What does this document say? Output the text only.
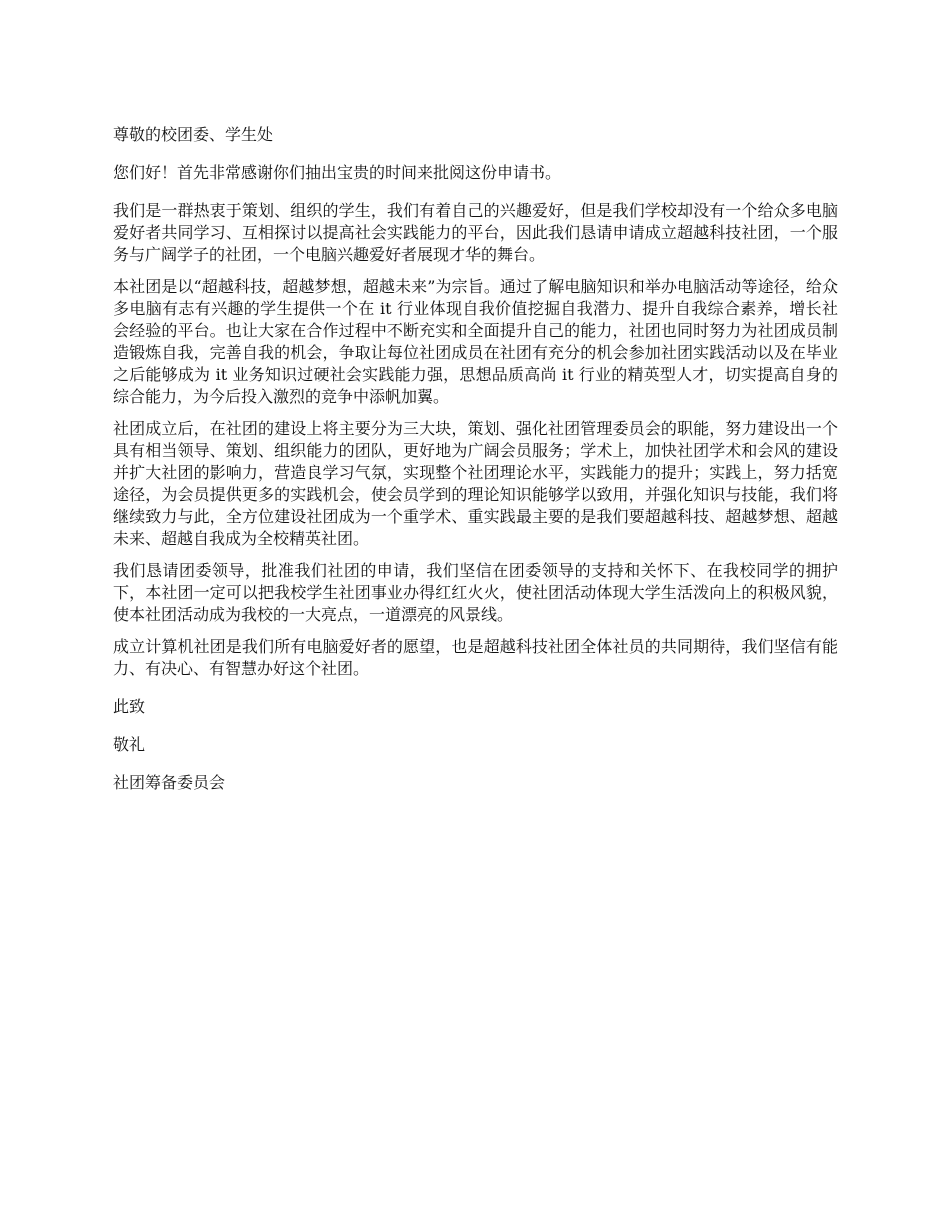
尊敬的校团委、学生处

您们好！首先非常感谢你们抽出宝贵的时间来批阅这份申请书。

我们是一群热衷于策划、组织的学生，我们有着自己的兴趣爱好，但是我们学校却没有一个给众多电脑爱好者共同学习、互相探讨以提高社会实践能力的平台，因此我们恳请申请成立超越科技社团，一个服务与广阔学子的社团，一个电脑兴趣爱好者展现才华的舞台。

本社团是以“超越科技，超越梦想，超越未来”为宗旨。通过了解电脑知识和举办电脑活动等途径，给众多电脑有志有兴趣的学生提供一个在 it 行业体现自我价值挖掘自我潜力、提升自我综合素养，增长社会经验的平台。也让大家在合作过程中不断充实和全面提升自己的能力，社团也同时努力为社团成员制造锻炼自我，完善自我的机会，争取让每位社团成员在社团有充分的机会参加社团实践活动以及在毕业之后能够成为 it 业务知识过硬社会实践能力强，思想品质高尚 it 行业的精英型人才，切实提高自身的综合能力，为今后投入激烈的竞争中添帆加翼。

社团成立后，在社团的建设上将主要分为三大块，策划、强化社团管理委员会的职能，努力建设出一个具有相当领导、策划、组织能力的团队，更好地为广阔会员服务；学术上，加快社团学术和会风的建设并扩大社团的影响力，营造良学习气氛，实现整个社团理论水平，实践能力的提升；实践上，努力括宽途径，为会员提供更多的实践机会，使会员学到的理论知识能够学以致用，并强化知识与技能，我们将继续致力与此，全方位建设社团成为一个重学术、重实践最主要的是我们要超越科技、超越梦想、超越未来、超越自我成为全校精英社团。

我们恳请团委领导，批准我们社团的申请，我们坚信在团委领导的支持和关怀下、在我校同学的拥护下，本社团一定可以把我校学生社团事业办得红红火火，使社团活动体现大学生活泼向上的积极风貌，使本社团活动成为我校的一大亮点，一道漂亮的风景线。

成立计算机社团是我们所有电脑爱好者的愿望，也是超越科技社团全体社员的共同期待，我们坚信有能力、有决心、有智慧办好这个社团。

此致

敬礼

社团筹备委员会
